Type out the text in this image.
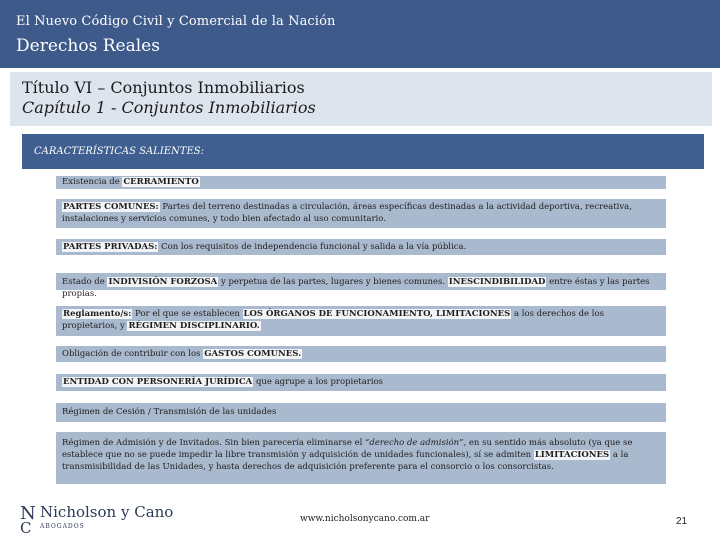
El Nuevo Código Civil y Comercial de la Nación
Derechos Reales
Título VI – Conjuntos Inmobiliarios
Capítulo 1 - Conjuntos Inmobiliarios
CARACTERÍSTICAS SALIENTES:
Existencia de CERRAMIENTO
PARTES COMUNES: Partes del terreno destinadas a circulación, áreas específicas destinadas a la actividad deportiva, recreativa, instalaciones y servicios comunes, y todo bien afectado al uso comunitario.
PARTES PRIVADAS: Con los requisitos de independencia funcional y salida a la vía pública.
Estado de INDIVISIÓN FORZOSA y perpetua de las partes, lugares y bienes comunes. INESCINDIBILIDAD entre éstas y las partes propias.
Reglamento/s: Por el que se establecen LOS ÓRGANOS DE FUNCIONAMIENTO, LIMITACIONES a los derechos de los propietarios, y RÉGIMEN DISCIPLINARIO.
Obligación de contribuir con los GASTOS COMUNES.
ENTIDAD CON PERSONERÍA JURÍDICA que agrupe a los propietarios
Régimen de Cesión / Transmisión de las unidades
Régimen de Admisión y de Invitados. Sin bien parecería eliminarse el “derecho de admisión”, en su sentido más absoluto (ya que se establece que no se puede impedir la libre transmisión y adquisición de unidades funcionales), sí se admiten LIMITACIONES a la transmisibilidad de las Unidades, y hasta derechos de adquisición preferente para el consorcio o los consorcistas.
N
C
Nicholson y Cano
ABOGADOS
www.nicholsonycano.com.ar	21
